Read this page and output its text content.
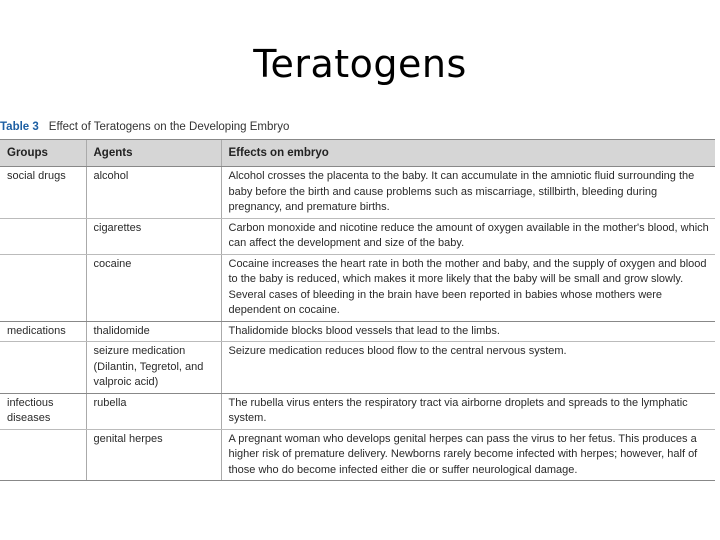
Teratogens
Table 3 Effect of Teratogens on the Developing Embryo
Groups	Agents	Effects on embryo
social drugs	alcohol	Alcohol crosses the placenta to the baby. It can accumulate in the amniotic fluid surrounding the baby before the birth and cause problems such as miscarriage, stillbirth, bleeding during pregnancy, and premature births.
	cigarettes	Carbon monoxide and nicotine reduce the amount of oxygen available in the mother's blood, which can affect the development and size of the baby.
	cocaine	Cocaine increases the heart rate in both the mother and baby, and the supply of oxygen and blood to the baby is reduced, which makes it more likely that the baby will be small and grow slowly. Several cases of bleeding in the brain have been reported in babies whose mothers were dependent on cocaine.
medications	thalidomide	Thalidomide blocks blood vessels that lead to the limbs.
	seizure medication (Dilantin, Tegretol, and valproic acid)	Seizure medication reduces blood flow to the central nervous system.
infectious diseases	rubella	The rubella virus enters the respiratory tract via airborne droplets and spreads to the lymphatic system.
	genital herpes	A pregnant woman who develops genital herpes can pass the virus to her fetus. This produces a higher risk of premature delivery. Newborns rarely become infected with herpes; however, half of those who do become infected either die or suffer neurological damage.
